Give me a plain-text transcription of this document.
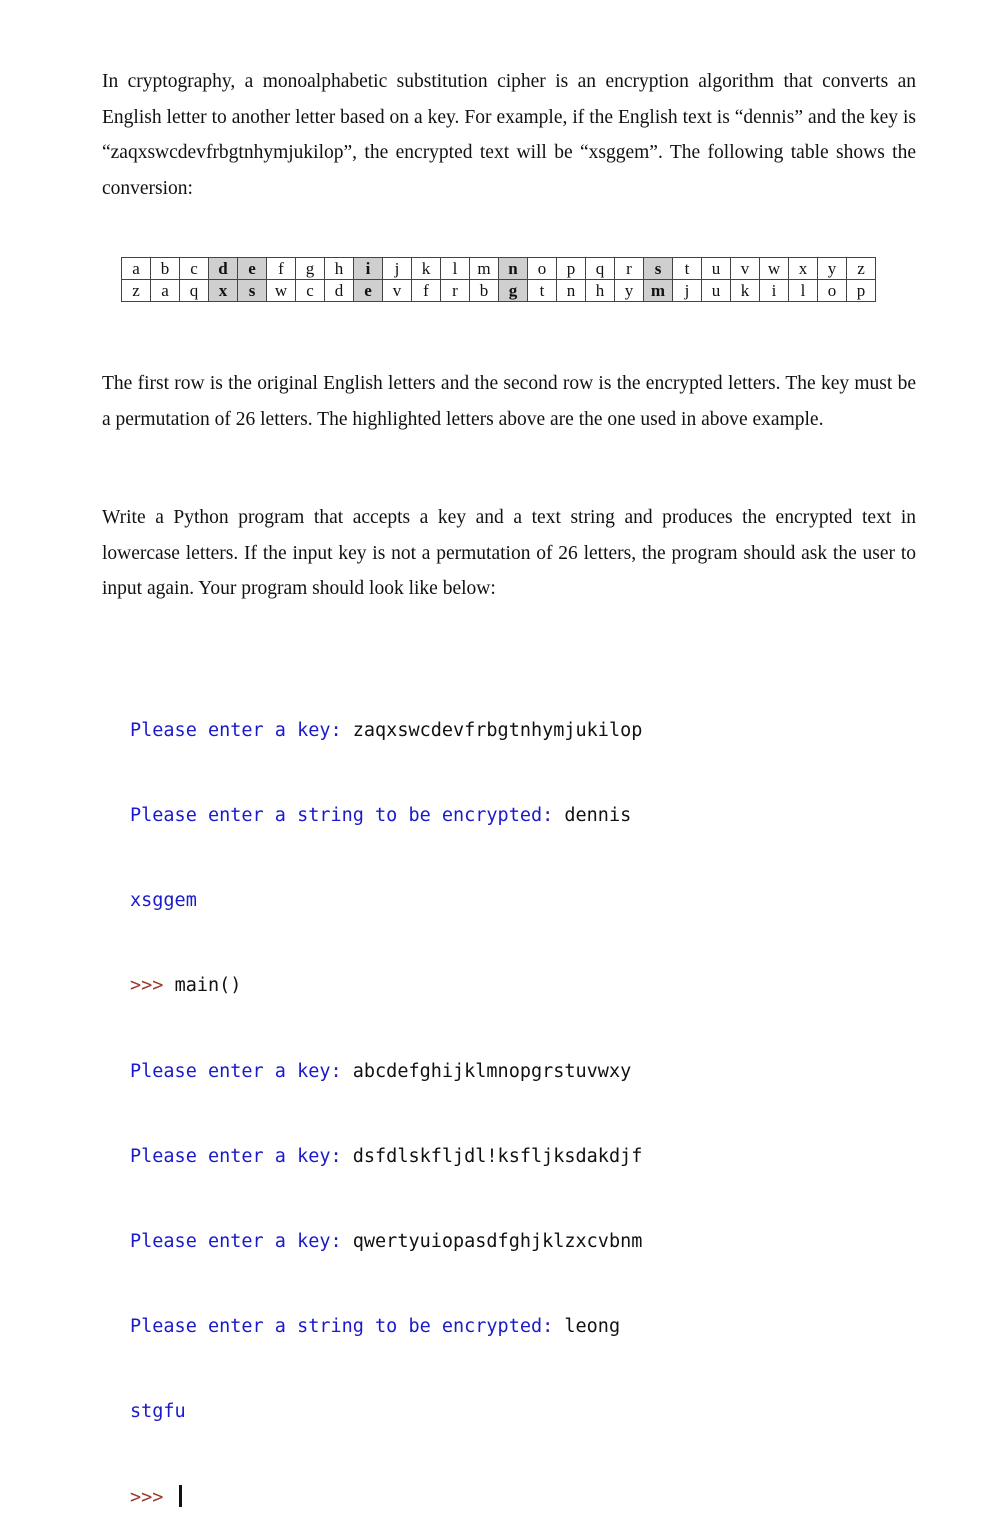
In cryptography, a monoalphabetic substitution cipher is an encryption algorithm that converts an English letter to another letter based on a key. For example, if the English text is “dennis” and the key is “zaqxswcdevfrbgtnhymjukilop”, the encrypted text will be “xsggem”. The following table shows the conversion:

a	b	c	d	e	f	g	h	i	j	k	l	m	n	o	p	q	r	s	t	u	v	w	x	y	z
z	a	q	x	s	w	c	d	e	v	f	r	b	g	t	n	h	y	m	j	u	k	i	l	o	p

The first row is the original English letters and the second row is the encrypted letters. The key must be a permutation of 26 letters. The highlighted letters above are the one used in above example.

Write a Python program that accepts a key and a text string and produces the encrypted text in lowercase letters. If the input key is not a permutation of 26 letters, the program should ask the user to input again. Your program should look like below:

Please enter a key: zaqxswcdevfrbgtnhymjukilop

Please enter a string to be encrypted: dennis

xsggem

>>> main()

Please enter a key: abcdefghijklmnopgrstuvwxy

Please enter a key: dsfdlskfljdl!ksfljksdakdjf

Please enter a key: qwertyuiopasdfghjklzxcvbnm

Please enter a string to be encrypted: leong

stgfu

>>>
